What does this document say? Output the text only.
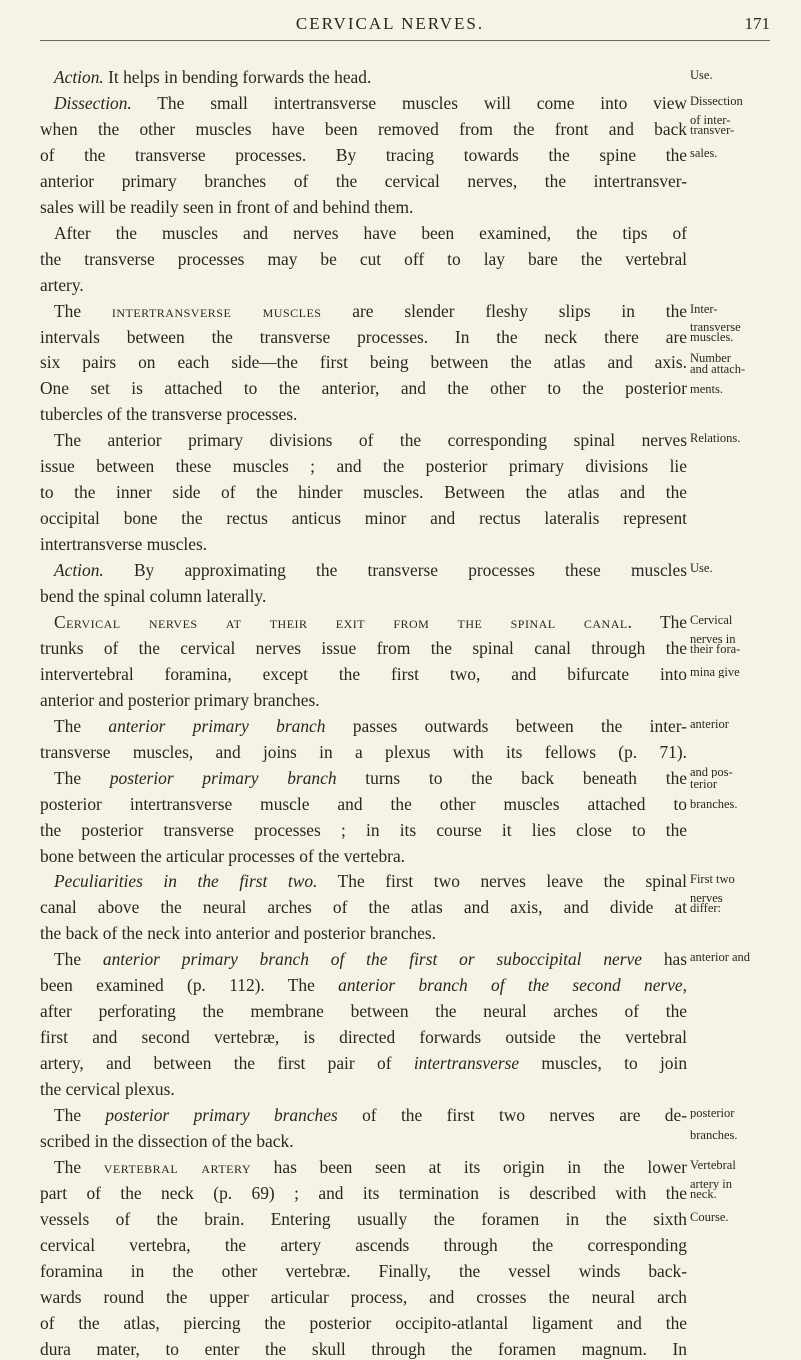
CERVICAL NERVES.	171
Action. It helps in bending forwards the head.
Dissection. The small intertransverse muscles will come into view
when the other muscles have been removed from the front and back
of the transverse processes. By tracing towards the spine the
anterior primary branches of the cervical nerves, the intertransver-
sales will be readily seen in front of and behind them.
After the muscles and nerves have been examined, the tips of
the transverse processes may be cut off to lay bare the vertebral
artery.
The intertransverse muscles are slender fleshy slips in the
intervals between the transverse processes. In the neck there are
six pairs on each side—the first being between the atlas and axis.
One set is attached to the anterior, and the other to the posterior
tubercles of the transverse processes.
The anterior primary divisions of the corresponding spinal nerves
issue between these muscles ; and the posterior primary divisions lie
to the inner side of the hinder muscles. Between the atlas and the
occipital bone the rectus anticus minor and rectus lateralis represent
intertransverse muscles.
Action. By approximating the transverse processes these muscles
bend the spinal column laterally.
Cervical nerves at their exit from the spinal canal. The
trunks of the cervical nerves issue from the spinal canal through the
intervertebral foramina, except the first two, and bifurcate into
anterior and posterior primary branches.
The anterior primary branch passes outwards between the inter-
transverse muscles, and joins in a plexus with its fellows (p. 71).
The posterior primary branch turns to the back beneath the
posterior intertransverse muscle and the other muscles attached to
the posterior transverse processes ; in its course it lies close to the
bone between the articular processes of the vertebra.
Peculiarities in the first two. The first two nerves leave the spinal
canal above the neural arches of the atlas and axis, and divide at
the back of the neck into anterior and posterior branches.
The anterior primary branch of the first or suboccipital nerve has
been examined (p. 112). The anterior branch of the second nerve,
after perforating the membrane between the neural arches of the
first and second vertebræ, is directed forwards outside the vertebral
artery, and between the first pair of intertransverse muscles, to join
the cervical plexus.
The posterior primary branches of the first two nerves are de-
scribed in the dissection of the back.
The vertebral artery has been seen at its origin in the lower
part of the neck (p. 69) ; and its termination is described with the
vessels of the brain. Entering usually the foramen in the sixth
cervical vertebra, the artery ascends through the corresponding
foramina in the other vertebræ. Finally, the vessel winds back-
wards round the upper articular process, and crosses the neural arch
of the atlas, piercing the posterior occipito-atlantal ligament and the
dura mater, to enter the skull through the foramen magnum. In
Use.
Dissection
of inter-
transver-
sales.
Inter-
transverse
muscles.
Number
and attach-
ments.
Relations.
Use.
Cervical
nerves in
their fora-
mina give
anterior
and pos-
terior
branches.
First two
nerves
differ:
anterior and
posterior
branches.
Vertebral
artery in
neck.
Course.
